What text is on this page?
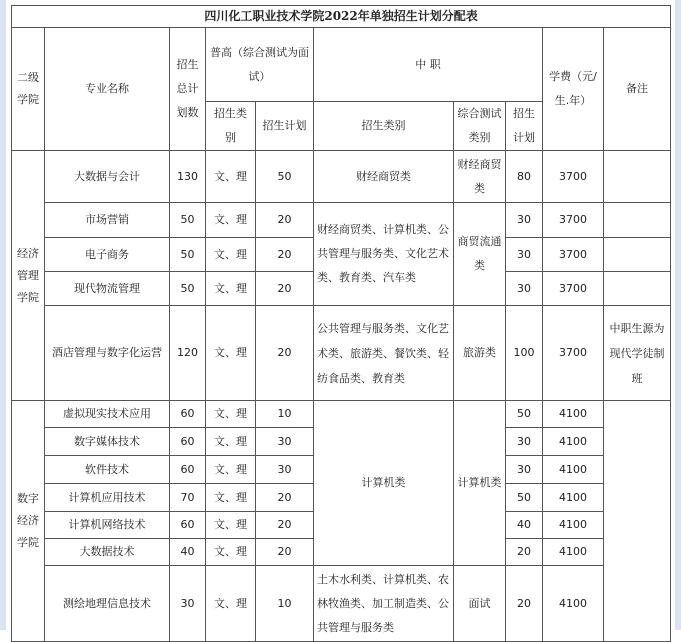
四川化工职业技术学院2022年单独招生计划分配表									
二级学院	专业名称	招生总计划数	普高（综合测试为面试）		中 职			学费（元/生.年）	备注
			招生类别	招生计划	招生类别	综合测试类别	招生计划		
经济管理学院	大数据与会计	130	文、理	50	财经商贸类	财经商贸类	80	3700	
	市场营销	50	文、理	20	财经商贸类、计算机类、公共管理与服务类、文化艺术类、教育类、汽车类	商贸流通类	30	3700	
	电子商务	50	文、理	20			30	3700	
	现代物流管理	50	文、理	20			30	3700	
	酒店管理与数字化运营	120	文、理	20	公共管理与服务类、文化艺术类、旅游类、餐饮类、轻纺食品类、教育类	旅游类	100	3700	中职生源为现代学徒制班
数字经济学院	虚拟现实技术应用	60	文、理	10	计算机类	计算机类	50	4100	
	数字媒体技术	60	文、理	30			30	4100	
	软件技术	60	文、理	30			30	4100	
	计算机应用技术	70	文、理	20			50	4100	
	计算机网络技术	60	文、理	20			40	4100	
	大数据技术	40	文、理	20			20	4100	
	测绘地理信息技术	30	文、理	10	土木水利类、计算机类、农林牧渔类、加工制造类、公共管理与服务类	面试	20	4100	
